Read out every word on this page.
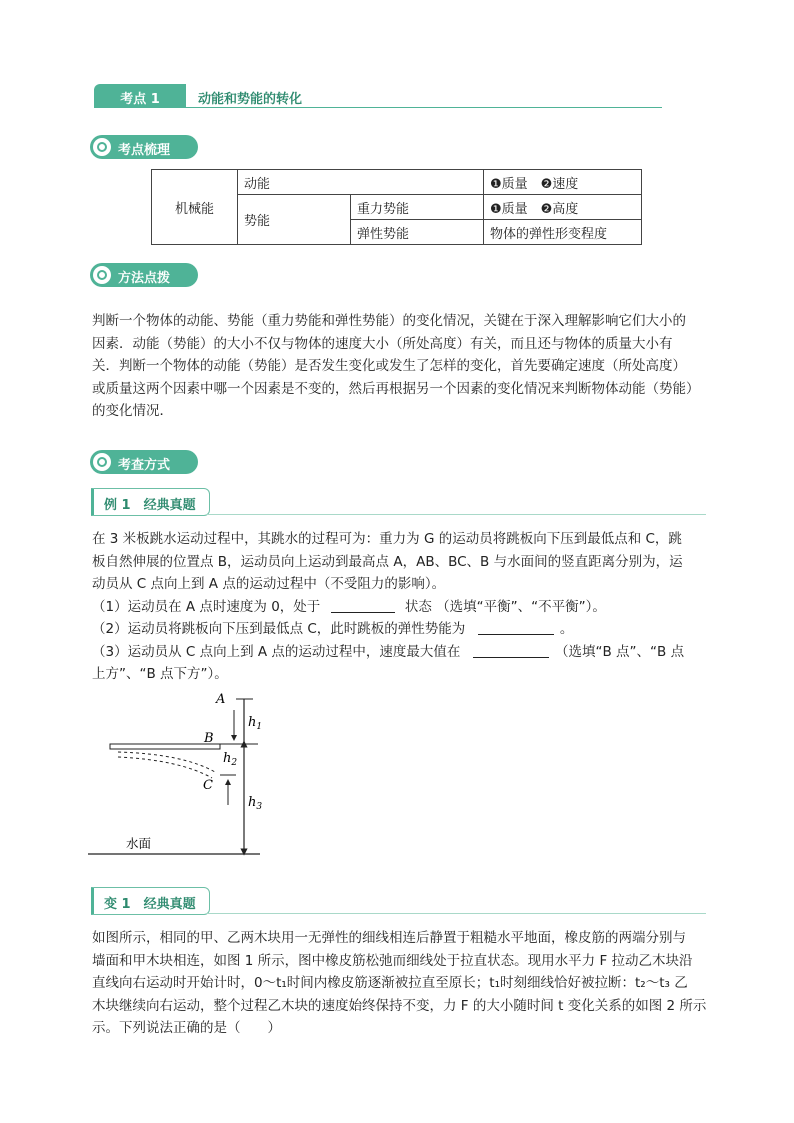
考点 1	动能和势能的转化
考点梳理
机械能	动能		❶质量　❷速度
	势能	重力势能	❶质量　❷高度
		弹性势能	物体的弹性形变程度
方法点拨
判断一个物体的动能、势能（重力势能和弹性势能）的变化情况，关键在于深入理解影响它们大小的
因素．动能（势能）的大小不仅与物体的速度大小（所处高度）有关，而且还与物体的质量大小有
关．判断一个物体的动能（势能）是否发生变化或发生了怎样的变化，首先要确定速度（所处高度）
或质量这两个因素中哪一个因素是不变的，然后再根据另一个因素的变化情况来判断物体动能（势能）
的变化情况．
考查方式
例 1　经典真题
在 3 米板跳水运动过程中，其跳水的过程可为：重力为 G 的运动员将跳板向下压到最低点和 C，跳
板自然伸展的位置点 B，运动员向上运动到最高点 A，AB、BC、B 与水面间的竖直距离分别为，运
动员从 C 点向上到 A 点的运动过程中（不受阻力的影响）。
（1）运动员在 A 点时速度为 0，处于	状态 （选填“平衡”、“不平衡”）。
（2）运动员将跳板向下压到最低点 C，此时跳板的弹性势能为	。
（3）运动员从 C 点向上到 A 点的运动过程中，速度最大值在	（选填“B 点”、“B 点
上方”、“B 点下方”）。
A
B
C
$h_1$
$h_2$
$h_3$
水面
变 1　经典真题
如图所示，相同的甲、乙两木块用一无弹性的细线相连后静置于粗糙水平地面，橡皮筋的两端分别与
墙面和甲木块相连，如图 1 所示，图中橡皮筋松弛而细线处于拉直状态。现用水平力 F 拉动乙木块沿
直线向右运动时开始计时，0～t₁时间内橡皮筋逐渐被拉直至原长；t₁时刻细线恰好被拉断：t₂～t₃ 乙
木块继续向右运动，整个过程乙木块的速度始终保持不变，力 F 的大小随时间 t 变化关系的如图 2 所示
示。下列说法正确的是（　　）
